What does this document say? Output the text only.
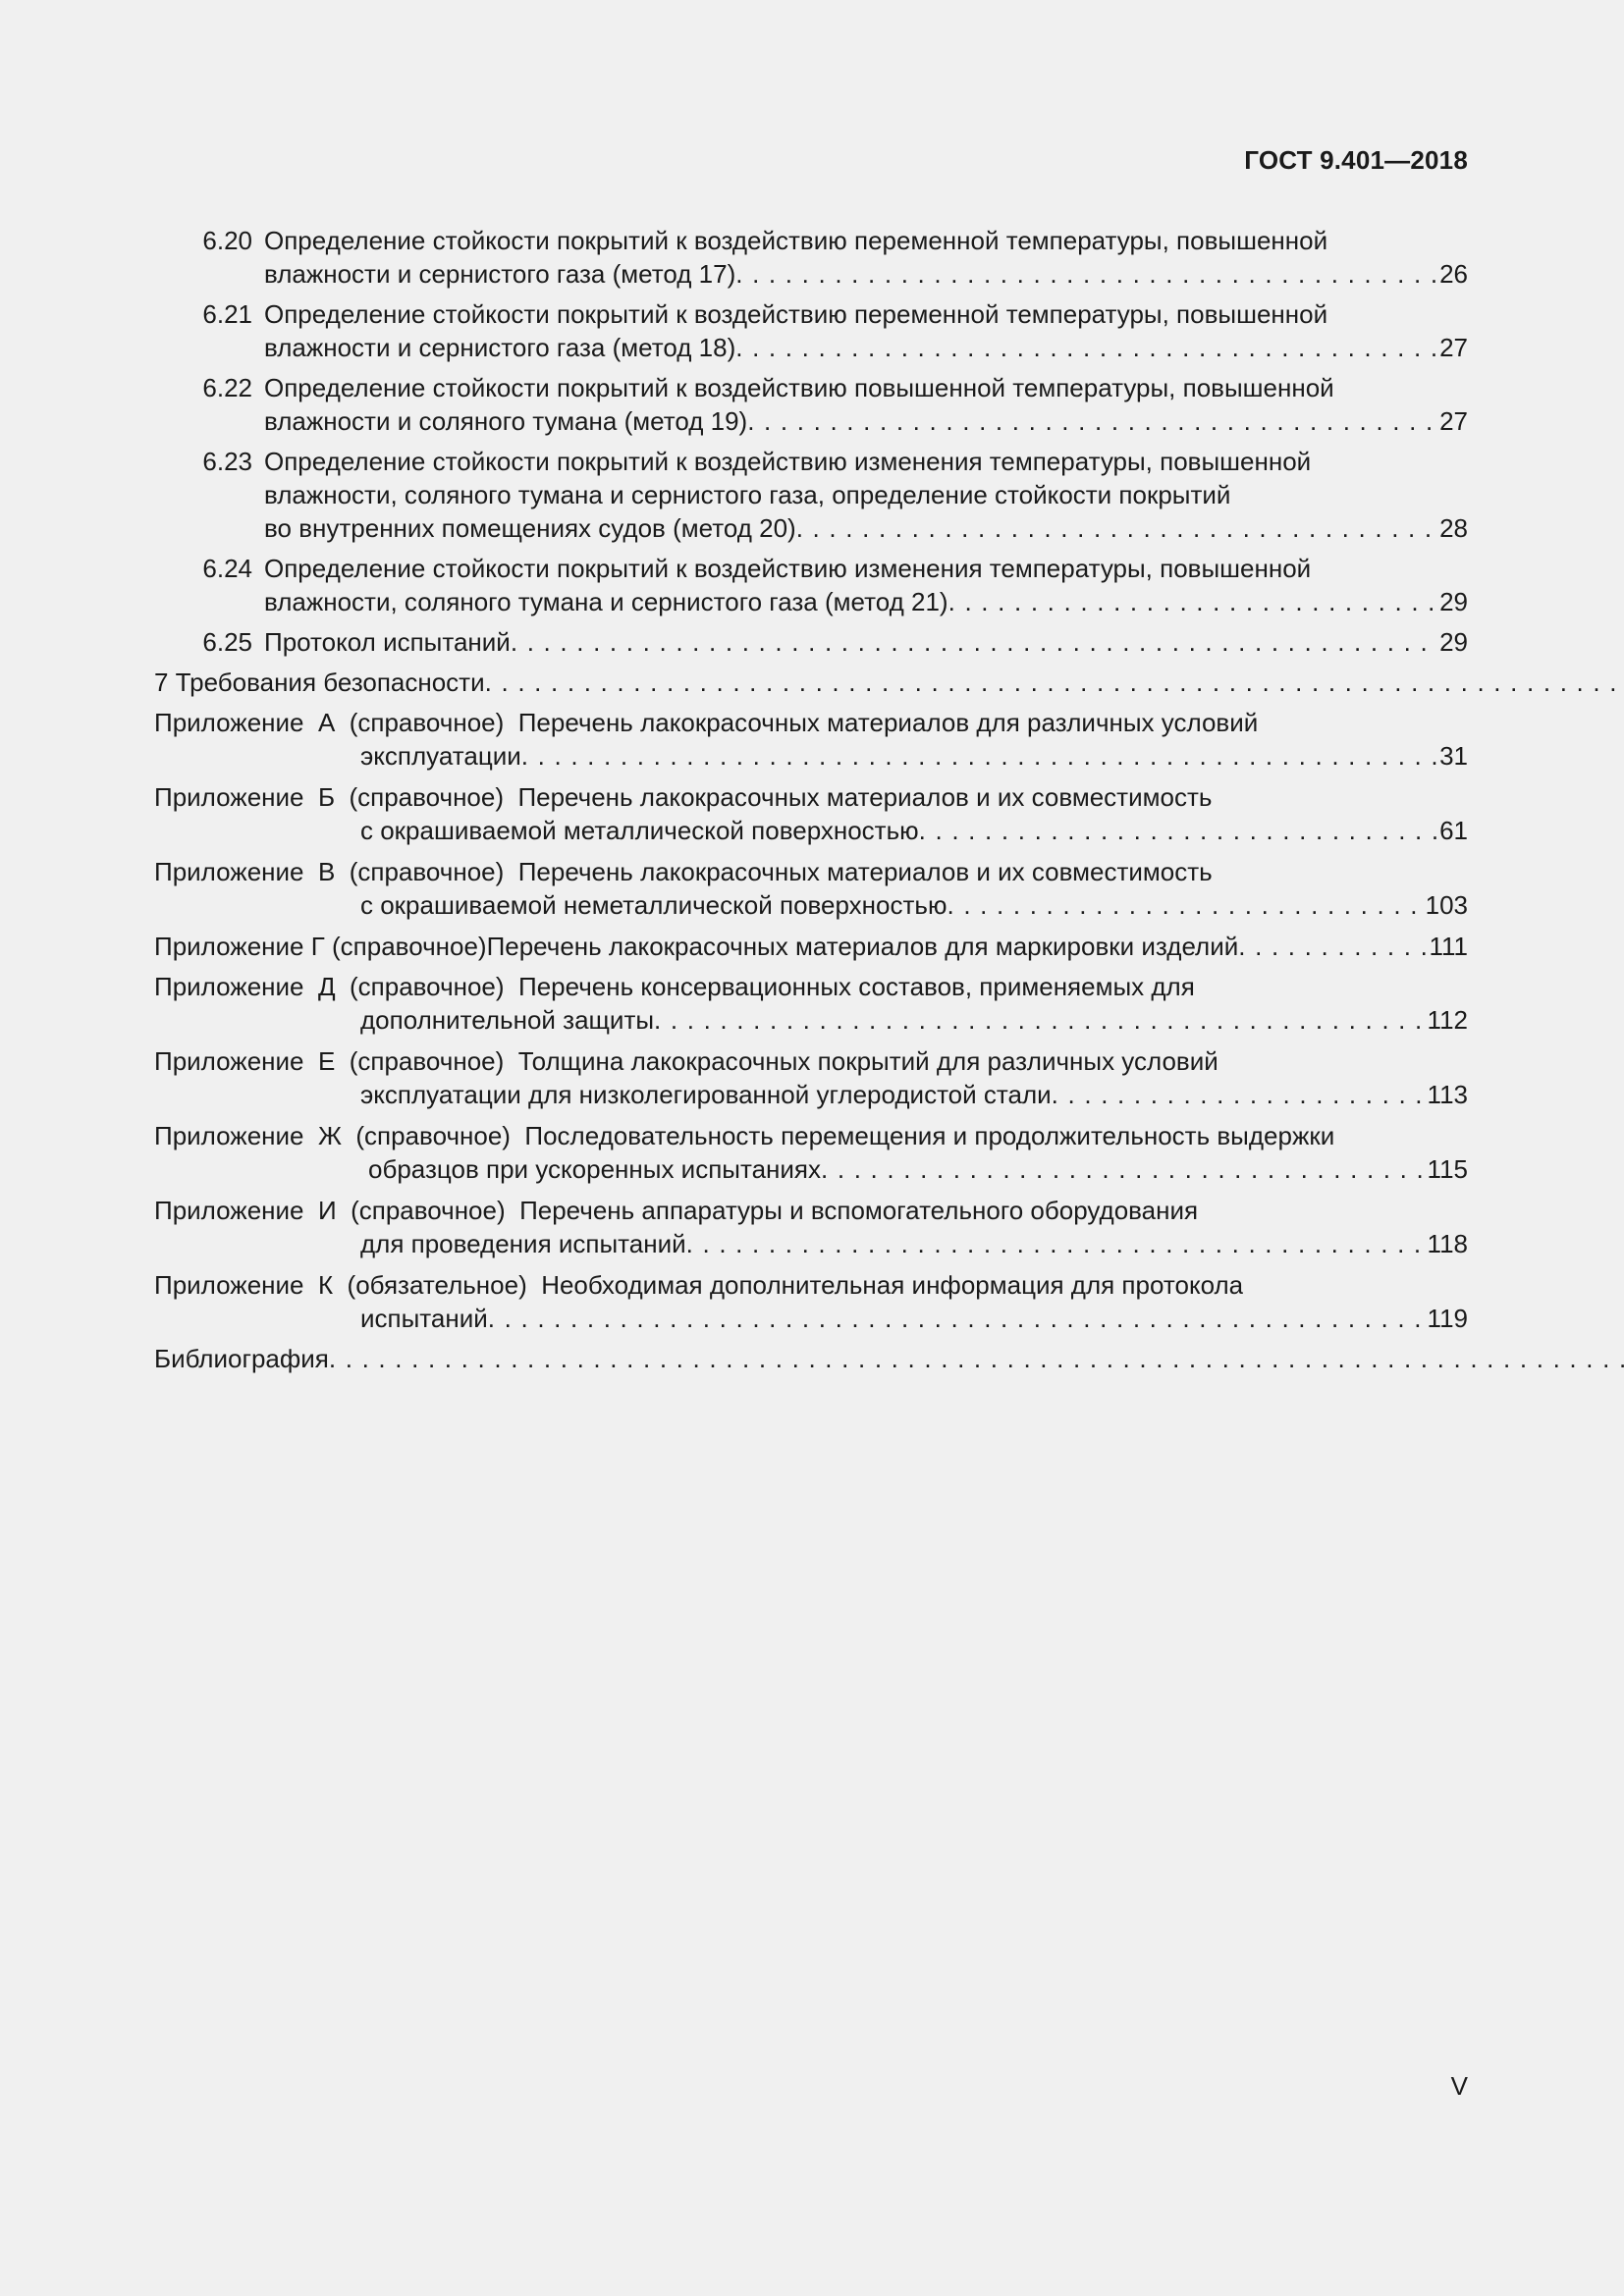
ГОСТ 9.401—2018
6.20 Определение стойкости покрытий к воздействию переменной температуры, повышенной
влажности и сернистого газа (метод 17) . . .	26
6.21 Определение стойкости покрытий к воздействию переменной температуры, повышенной
влажности и сернистого газа (метод 18) . . .	27
6.22 Определение стойкости покрытий к воздействию повышенной температуры, повышенной
влажности и соляного тумана (метод 19) . . .	27
6.23 Определение стойкости покрытий к воздействию изменения температуры, повышенной
влажности, соляного тумана и сернистого газа, определение стойкости покрытий
во внутренних помещениях судов (метод 20) . . .	28
6.24 Определение стойкости покрытий к воздействию изменения температуры, повышенной
влажности, соляного тумана и сернистого газа (метод 21) . . .	29
6.25 Протокол испытаний . . .	29
7 Требования безопасности
. . .
Приложение  А  (справочное) Перечень лакокрасочных материалов для различных условий
эксплуатации . . .	31
Приложение  Б  (справочное) Перечень лакокрасочных материалов и их совместимость
с окрашиваемой металлической поверхностью . . .	61
Приложение  В  (справочное) Перечень лакокрасочных материалов и их совместимость
с окрашиваемой неметаллической поверхностью . . .	103
Приложение Г (справочное) Перечень лакокрасочных материалов для маркировки изделий . . .	111
Приложение  Д  (справочное) Перечень консервационных составов, применяемых для
дополнительной защиты . . .	112
Приложение  Е  (справочное) Толщина лакокрасочных покрытий для различных условий
эксплуатации для низколегированной углеродистой стали . . .	113
Приложение  Ж  (справочное) Последовательность перемещения и продолжительность выдержки
образцов при ускоренных испытаниях . . .	115
Приложение  И  (справочное) Перечень аппаратуры и вспомогательного оборудования
для проведения испытаний . . .	118
Приложение  К  (обязательное) Необходимая дополнительная информация для протокола
испытаний . . .	119
Библиография
. . .
V
